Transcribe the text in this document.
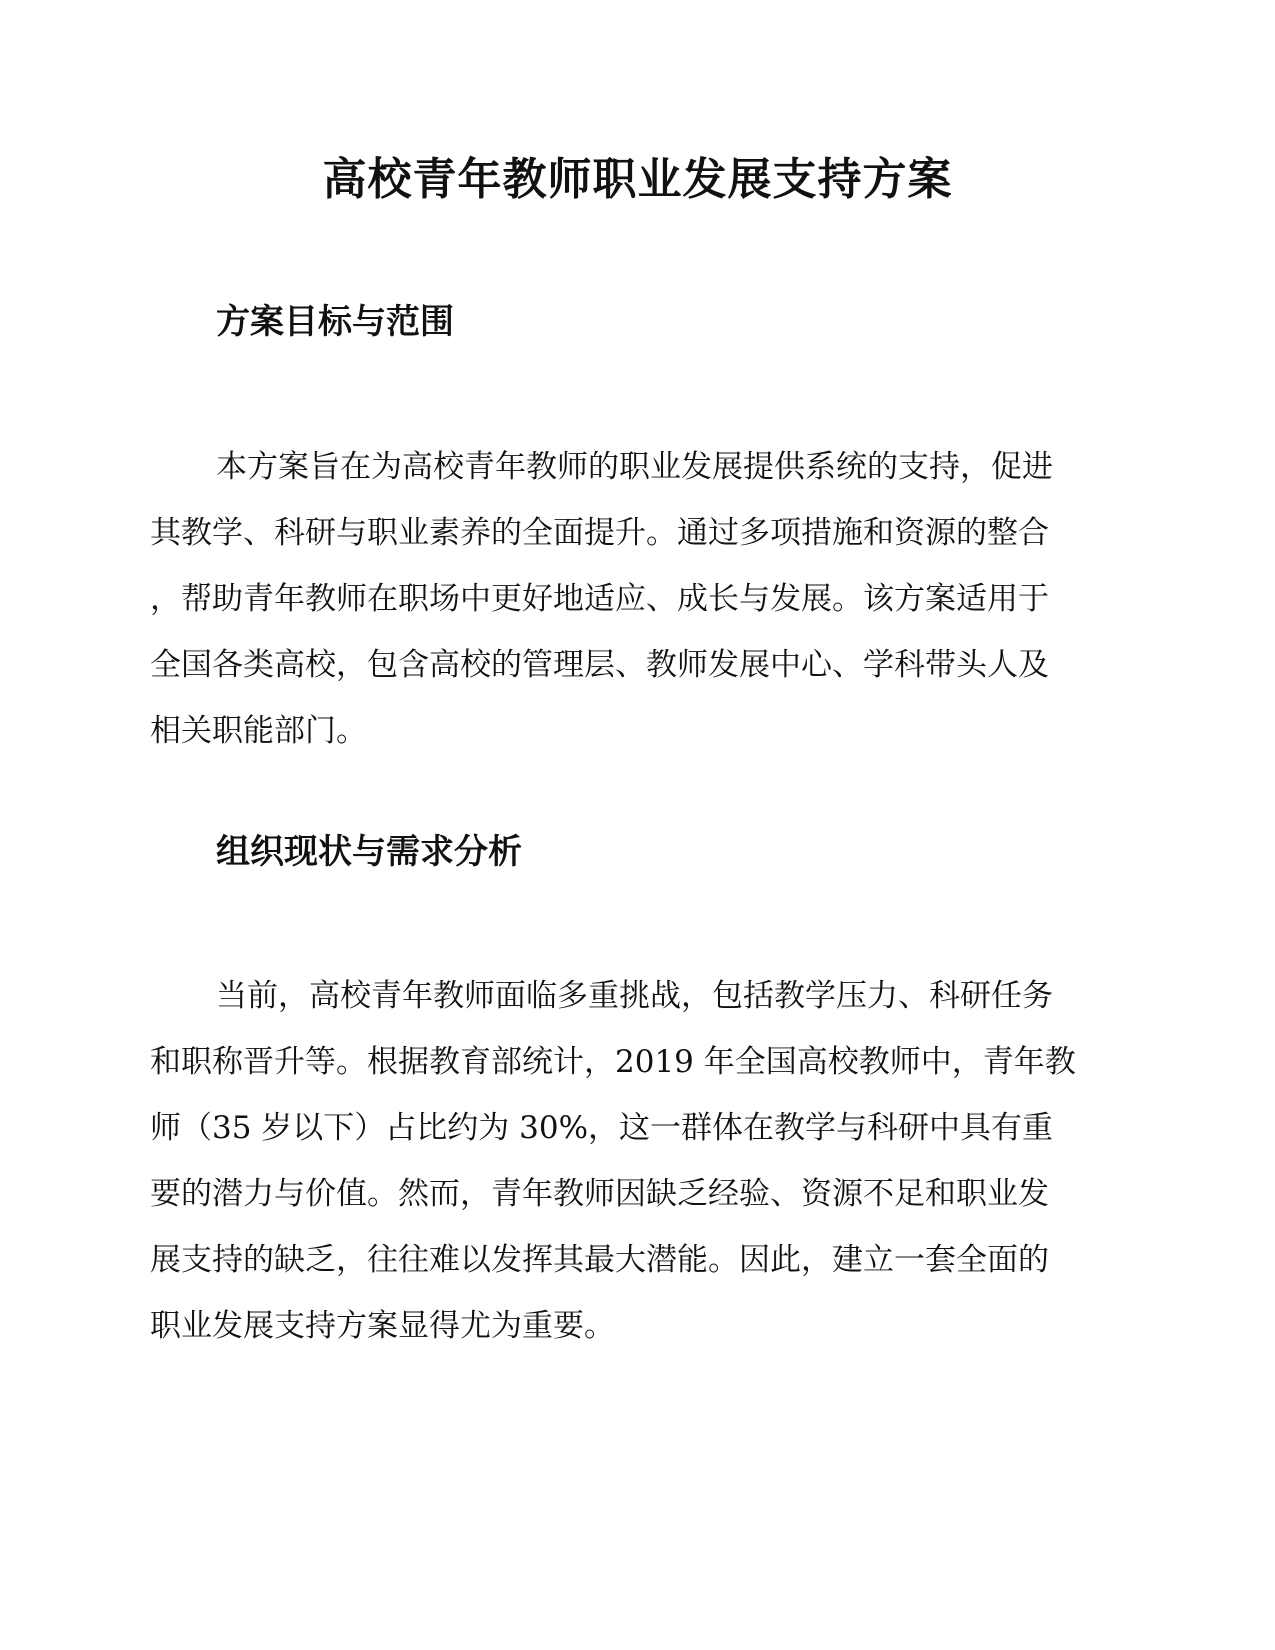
高校青年教师职业发展支持方案
方案目标与范围
本方案旨在为高校青年教师的职业发展提供系统的支持，促进
其教学、科研与职业素养的全面提升。通过多项措施和资源的整合
，帮助青年教师在职场中更好地适应、成长与发展。该方案适用于
全国各类高校，包含高校的管理层、教师发展中心、学科带头人及
相关职能部门。
组织现状与需求分析
当前，高校青年教师面临多重挑战，包括教学压力、科研任务
和职称晋升等。根据教育部统计，2019 年全国高校教师中，青年教
师（35 岁以下）占比约为 30%，这一群体在教学与科研中具有重
要的潜力与价值。然而，青年教师因缺乏经验、资源不足和职业发
展支持的缺乏，往往难以发挥其最大潜能。因此，建立一套全面的
职业发展支持方案显得尤为重要。
